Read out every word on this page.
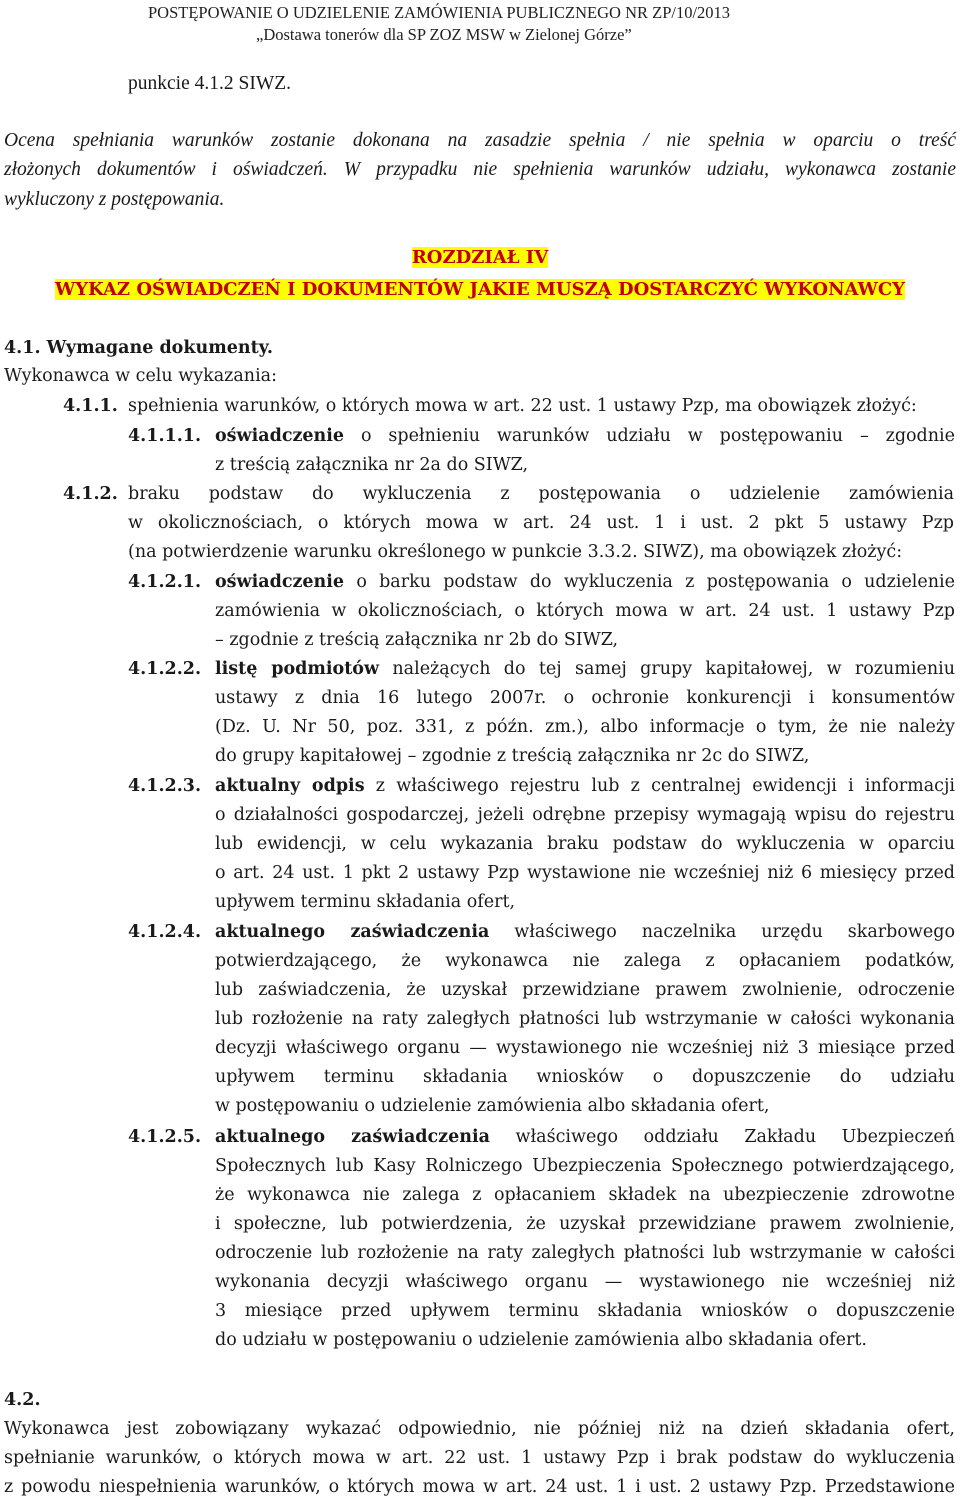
POSTĘPOWANIE O UDZIELENIE ZAMÓWIENIA PUBLICZNEGO NR ZP/10/2013
„Dostawa tonerów dla SP ZOZ MSW w Zielonej Górze”
punkcie 4.1.2 SIWZ.
Ocena spełniania warunków zostanie dokonana na zasadzie spełnia / nie spełnia w oparciu o treść
złożonych dokumentów i oświadczeń. W przypadku nie spełnienia warunków udziału, wykonawca zostanie
wykluczony z postępowania.
ROZDZIAŁ IV
WYKAZ OŚWIADCZEŃ I DOKUMENTÓW JAKIE MUSZĄ DOSTARCZYĆ WYKONAWCY
4.1. Wymagane dokumenty.
Wykonawca w celu wykazania:
4.1.1. spełnienia warunków, o których mowa w art. 22 ust. 1 ustawy Pzp, ma obowiązek złożyć:
4.1.1.1. oświadczenie o spełnieniu warunków udziału w postępowaniu – zgodnie
z treścią załącznika nr 2a do SIWZ,
4.1.2. braku podstaw do wykluczenia z postępowania o udzielenie zamówienia
w okolicznościach, o których mowa w art. 24 ust. 1 i ust. 2 pkt 5 ustawy Pzp
(na potwierdzenie warunku określonego w punkcie 3.3.2. SIWZ), ma obowiązek złożyć:
4.1.2.1. oświadczenie o barku podstaw do wykluczenia z postępowania o udzielenie
zamówienia w okolicznościach, o których mowa w art. 24 ust. 1 ustawy Pzp
– zgodnie z treścią załącznika nr 2b do SIWZ,
4.1.2.2. listę podmiotów należących do tej samej grupy kapitałowej, w rozumieniu
ustawy z dnia 16 lutego 2007r. o ochronie konkurencji i konsumentów
(Dz. U. Nr 50, poz. 331, z późn. zm.), albo informacje o tym, że nie należy
do grupy kapitałowej – zgodnie z treścią załącznika nr 2c do SIWZ,
4.1.2.3. aktualny odpis z właściwego rejestru lub z centralnej ewidencji i informacji
o działalności gospodarczej, jeżeli odrębne przepisy wymagają wpisu do rejestru
lub ewidencji, w celu wykazania braku podstaw do wykluczenia w oparciu
o art. 24 ust. 1 pkt 2 ustawy Pzp wystawione nie wcześniej niż 6 miesięcy przed
upływem terminu składania ofert,
4.1.2.4. aktualnego zaświadczenia właściwego naczelnika urzędu skarbowego
potwierdzającego, że wykonawca nie zalega z opłacaniem podatków,
lub zaświadczenia, że uzyskał przewidziane prawem zwolnienie, odroczenie
lub rozłożenie na raty zaległych płatności lub wstrzymanie w całości wykonania
decyzji właściwego organu — wystawionego nie wcześniej niż 3 miesiące przed
upływem terminu składania wniosków o dopuszczenie do udziału
w postępowaniu o udzielenie zamówienia albo składania ofert,
4.1.2.5. aktualnego zaświadczenia właściwego oddziału Zakładu Ubezpieczeń
Społecznych lub Kasy Rolniczego Ubezpieczenia Społecznego potwierdzającego,
że wykonawca nie zalega z opłacaniem składek na ubezpieczenie zdrowotne
i społeczne, lub potwierdzenia, że uzyskał przewidziane prawem zwolnienie,
odroczenie lub rozłożenie na raty zaległych płatności lub wstrzymanie w całości
wykonania decyzji właściwego organu — wystawionego nie wcześniej niż
3 miesiące przed upływem terminu składania wniosków o dopuszczenie
do udziału w postępowaniu o udzielenie zamówienia albo składania ofert.
4.2.
Wykonawca jest zobowiązany wykazać odpowiednio, nie później niż na dzień składania ofert,
spełnianie warunków, o których mowa w art. 22 ust. 1 ustawy Pzp i brak podstaw do wykluczenia
z powodu niespełnienia warunków, o których mowa w art. 24 ust. 1 i ust. 2 ustawy Pzp. Przedstawione
